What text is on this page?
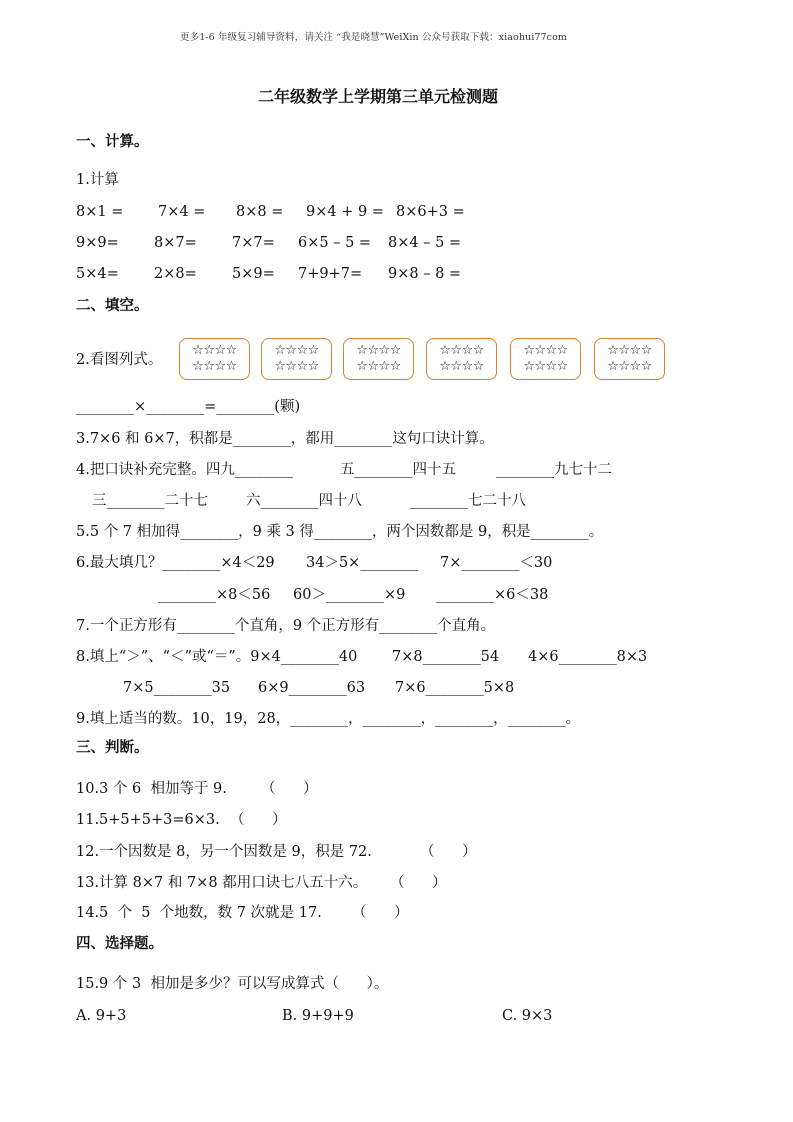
更多1-6 年级复习辅导资料，请关注 “我是晓慧”WeiXin 公众号获取下载：xiaohui77com
二年级数学上学期第三单元检测题
一、计算。
1.计算
8×1 = 7×4 = 8×8 = 9×4 + 9 = 8×6+3 =
9×9= 8×7= 7×7= 6×5 – 5 = 8×4 – 5 =
5×4= 2×8= 5×9= 7+9+7= 9×8 – 8 =
二、填空。
2.看图列式。
☆☆☆☆
☆☆☆☆
☆☆☆☆
☆☆☆☆
☆☆☆☆
☆☆☆☆
☆☆☆☆
☆☆☆☆
☆☆☆☆
☆☆☆☆
☆☆☆☆
☆☆☆☆
________×________=________(颗)
3.7×6 和 6×7，积都是________，都用________这句口诀计算。
4.把口诀补充完整。四九________	五________四十五	________九七十二
三________二十七	六________四十八	________七二十八
5.5 个 7 相加得________，9 乘 3 得________，两个因数都是 9，积是________。
6.最大填几？________×4＜29 34＞5×________ 7×________＜30
________×8＜56 60＞________×9 ________×6＜38
7.一个正方形有________个直角，9 个正方形有________个直角。
8.填上“＞”、“＜”或“＝”。9×4________40 7×8________54 4×6________8×3
7×5________35 6×9________63 7×6________5×8
9.填上适当的数。10，19，28，________，________，________，________。
三、判断。
10.3 个 6  相加等于 9. （      ）
11.5+5+5+3=6×3. （      ）
12.一个因数是 8，另一个因数是 9，积是 72.	（      ）
13.计算 8×7 和 7×8 都用口诀七八五十六。 （      ）
14.5  个  5  个地数，数 7 次就是 17. （      ）
四、选择题。
15.9 个 3  相加是多少？可以写成算式（      ）。
A. 9+3	B. 9+9+9	C. 9×3
